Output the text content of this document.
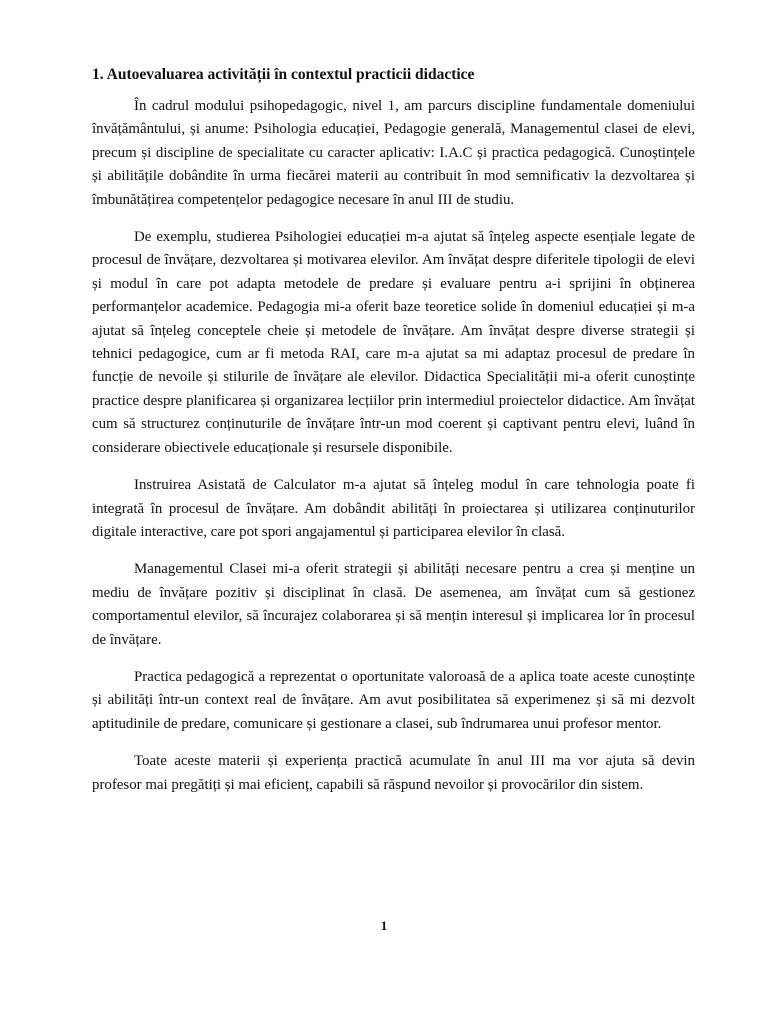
1. Autoevaluarea activității în contextul practicii didactice

În cadrul modului psihopedagogic, nivel 1, am parcurs discipline fundamentale domeniului învățământului, și anume: Psihologia educației, Pedagogie generală, Managementul clasei de elevi, precum și discipline de specialitate cu caracter aplicativ: I.A.C și practica pedagogică. Cunoștințele și abilitățile dobândite în urma fiecărei materii au contribuit în mod semnificativ la dezvoltarea și îmbunătățirea competențelor pedagogice necesare în anul III de studiu.

De exemplu, studierea Psihologiei educației m-a ajutat să înțeleg aspecte esențiale legate de procesul de învățare, dezvoltarea și motivarea elevilor. Am învățat despre diferitele tipologii de elevi și modul în care pot adapta metodele de predare și evaluare pentru a-i sprijini în obținerea performanțelor academice. Pedagogia mi-a oferit baze teoretice solide în domeniul educației și m-a ajutat să înțeleg conceptele cheie și metodele de învățare. Am învățat despre diverse strategii și tehnici pedagogice, cum ar fi metoda RAI, care m-a ajutat sa mi adaptaz procesul de predare în funcție de nevoile și stilurile de învățare ale elevilor. Didactica Specialității mi-a oferit cunoștințe practice despre planificarea și organizarea lecțiilor prin intermediul proiectelor didactice. Am învățat cum să structurez conținuturile de învățare într-un mod coerent și captivant pentru elevi, luând în considerare obiectivele educaționale și resursele disponibile.

Instruirea Asistată de Calculator m-a ajutat să înțeleg modul în care tehnologia poate fi integrată în procesul de învățare. Am dobândit abilități în proiectarea și utilizarea conținuturilor digitale interactive, care pot spori angajamentul și participarea elevilor în clasă.

Managementul Clasei mi-a oferit strategii și abilități necesare pentru a crea și menține un mediu de învățare pozitiv și disciplinat în clasă. De asemenea, am învățat cum să gestionez comportamentul elevilor, să încurajez colaborarea și să mențin interesul și implicarea lor în procesul de învățare.

Practica pedagogică a reprezentat o oportunitate valoroasă de a aplica toate aceste cunoștințe și abilități într-un context real de învățare. Am avut posibilitatea să experimenez și să mi dezvolt aptitudinile de predare, comunicare și gestionare a clasei, sub îndrumarea unui profesor mentor.

Toate aceste materii și experiența practică acumulate în anul III ma vor ajuta să devin profesor mai pregătiți și mai eficienț, capabili să răspund nevoilor și provocărilor din sistem.

1
